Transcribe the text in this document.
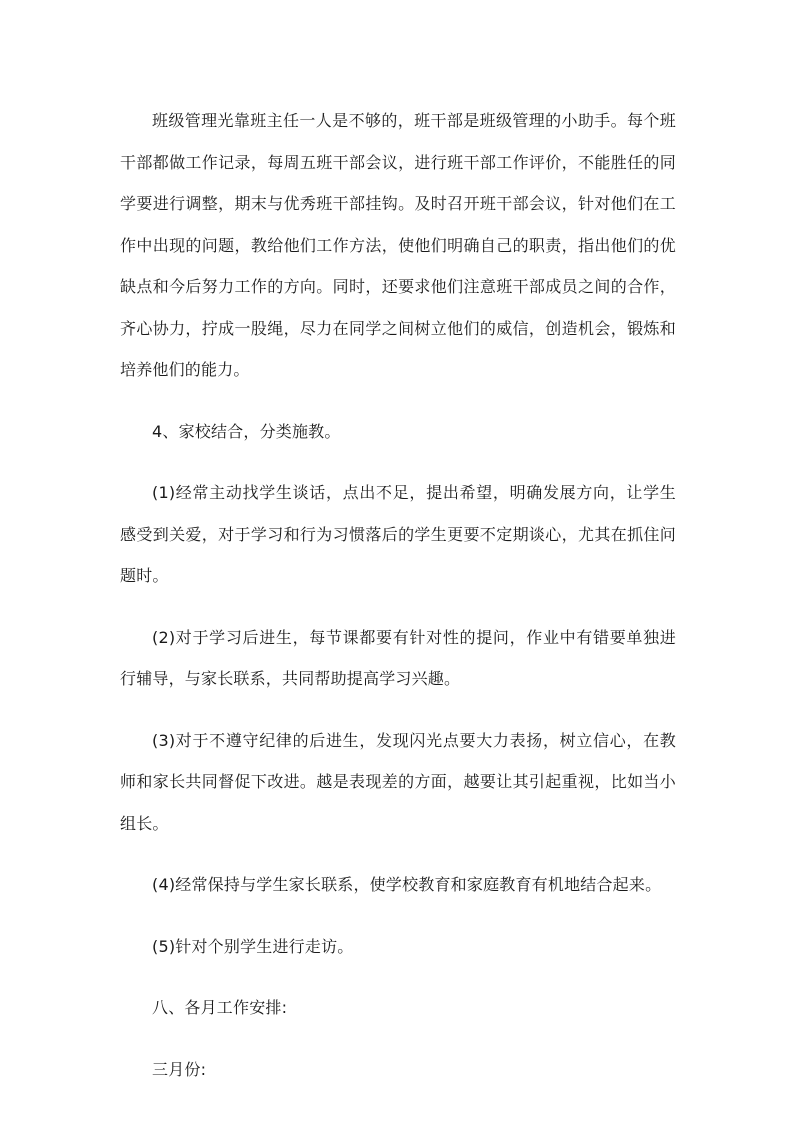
班级管理光靠班主任一人是不够的，班干部是班级管理的小助手。每个班干部都做工作记录，每周五班干部会议，进行班干部工作评价，不能胜任的同学要进行调整，期末与优秀班干部挂钩。及时召开班干部会议，针对他们在工作中出现的问题，教给他们工作方法，使他们明确自己的职责，指出他们的优缺点和今后努力工作的方向。同时，还要求他们注意班干部成员之间的合作，齐心协力，拧成一股绳，尽力在同学之间树立他们的威信，创造机会，锻炼和培养他们的能力。

4、家校结合，分类施教。

(1)经常主动找学生谈话，点出不足，提出希望，明确发展方向，让学生感受到关爱，对于学习和行为习惯落后的学生更要不定期谈心，尤其在抓住问题时。

(2)对于学习后进生，每节课都要有针对性的提问，作业中有错要单独进行辅导，与家长联系，共同帮助提高学习兴趣。

(3)对于不遵守纪律的后进生，发现闪光点要大力表扬，树立信心，在教师和家长共同督促下改进。越是表现差的方面，越要让其引起重视，比如当小组长。

(4)经常保持与学生家长联系，使学校教育和家庭教育有机地结合起来。

(5)针对个别学生进行走访。

八、各月工作安排:

三月份:
